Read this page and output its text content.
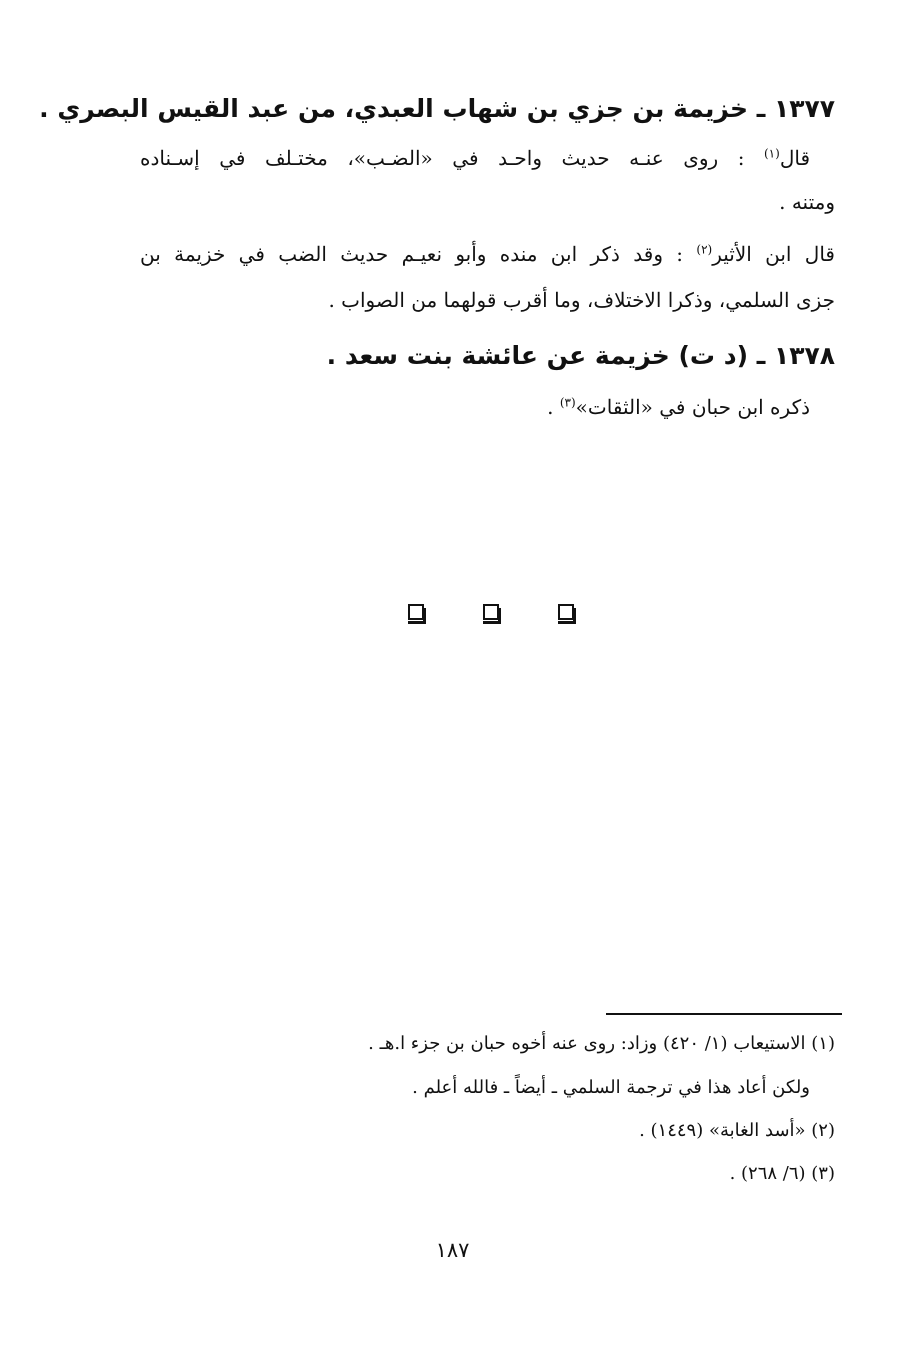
١٣٧٧ ـ خزيمة بن جزي بن شهاب العبدي، من عبد القيس البصري .
قال$^{(١)}$ : روى عنـه حديث واحـد في «الضـب»، مختـلف في إسـناده
ومتنه .
قال ابن الأثير$^{(٢)}$ : وقد ذكر ابن منده وأبو نعيـم حديث الضب في خزيمة بن
جزى السلمي، وذكرا الاختلاف، وما أقرب قولهما من الصواب .
١٣٧٨ ـ (د ت) خزيمة عن عائشة بنت سعد .
ذكره ابن حبان في «الثقات»$^{(٣)}$ .
(١) الاستيعاب (١/ ٤٢٠) وزاد: روى عنه أخوه حبان بن جزء ا.هـ .
ولكن أعاد هذا في ترجمة السلمي ـ أيضاً ـ فالله أعلم .
(٢) «أسد الغابة» (١٤٤٩) .
(٣) (٦/ ٢٦٨) .
١٨٧
